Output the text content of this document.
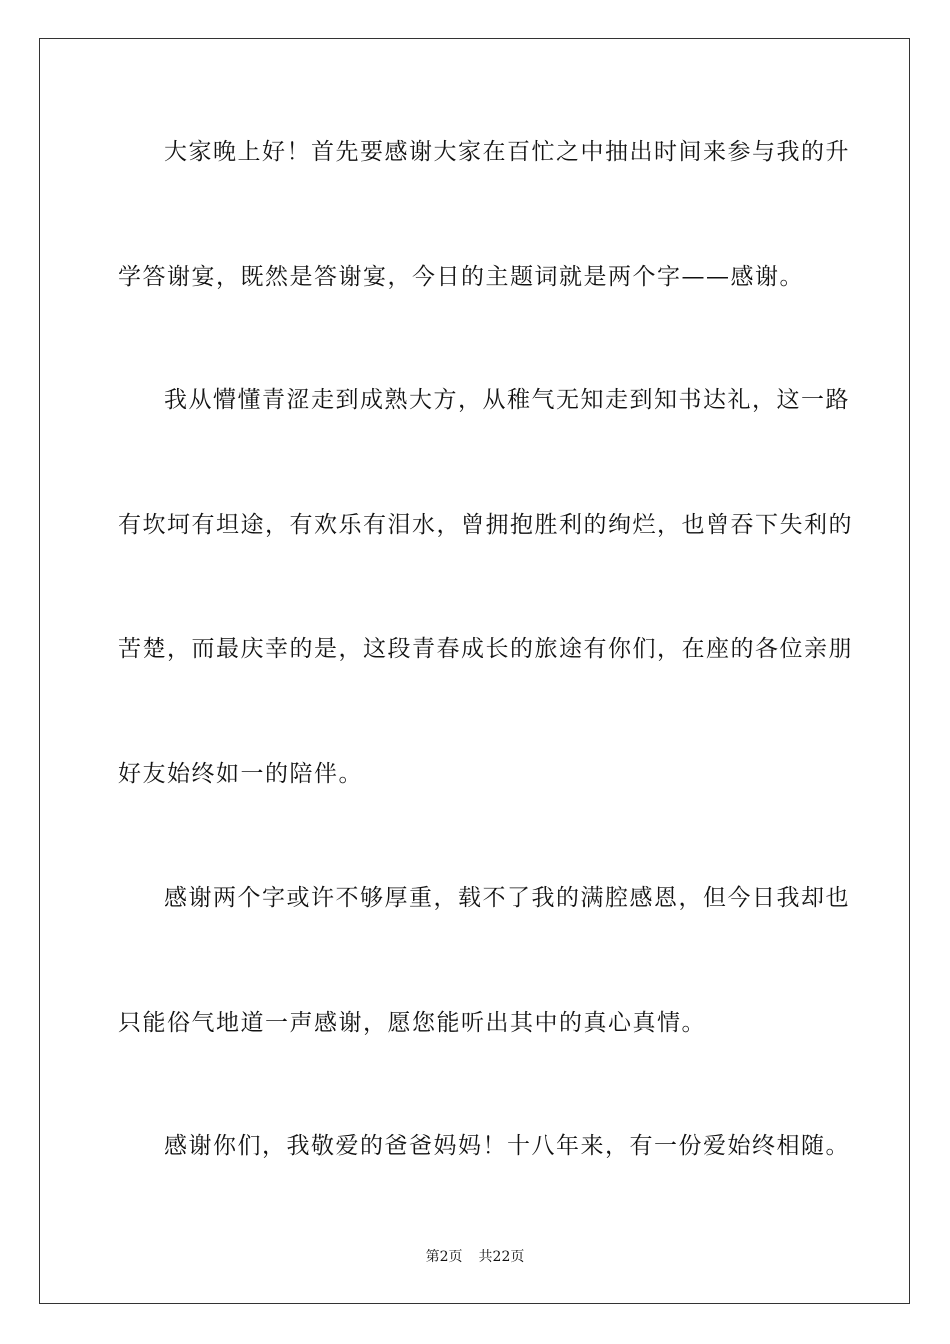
大家晚上好！首先要感谢大家在百忙之中抽出时间来参与我的升
学答谢宴，既然是答谢宴，今日的主题词就是两个字——感谢。
我从懵懂青涩走到成熟大方，从稚气无知走到知书达礼，这一路
有坎坷有坦途，有欢乐有泪水，曾拥抱胜利的绚烂，也曾吞下失利的
苦楚，而最庆幸的是，这段青春成长的旅途有你们，在座的各位亲朋
好友始终如一的陪伴。
感谢两个字或许不够厚重，载不了我的满腔感恩，但今日我却也
只能俗气地道一声感谢，愿您能听出其中的真心真情。
感谢你们，我敬爱的爸爸妈妈！十八年来，有一份爱始终相随。
第2页 共22页
